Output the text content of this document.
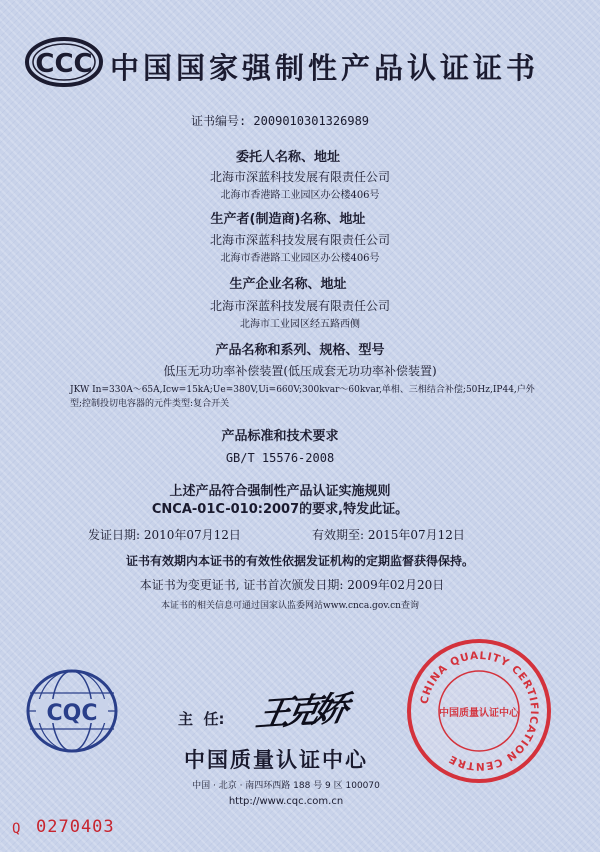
CCC 中国国家强制性产品认证证书
证书编号: 2009010301326989
委托人名称、地址
北海市深蓝科技发展有限责任公司
北海市香港路工业园区办公楼406号
生产者(制造商)名称、地址
北海市深蓝科技发展有限责任公司
北海市香港路工业园区办公楼406号
生产企业名称、地址
北海市深蓝科技发展有限责任公司
北海市工业园区经五路西侧
产品名称和系列、规格、型号
低压无功功率补偿装置(低压成套无功功率补偿装置)
JKW In=330A～65A,Icw=15kA;Ue=380V,Ui=660V;300kvar～60kvar,单相、三相结合补偿;50Hz,IP44,户外型;控制投切电容器的元件类型:复合开关
产品标准和技术要求
GB/T 15576-2008
上述产品符合强制性产品认证实施规则
CNCA-01C-010:2007的要求,特发此证。
发证日期: 2010年07月12日	有效期至: 2015年07月12日
证书有效期内本证书的有效性依据发证机构的定期监督获得保持。
本证书为变更证书, 证书首次颁发日期: 2009年02月20日
本证书的相关信息可通过国家认监委网站www.cnca.gov.cn查询
CQC	主  任: 王克娇	CHINA QUALITY CERTIFICATION CENTRE
中国质量认证中心
中国质量认证中心
中国 · 北京 · 南四环西路 188 号 9 区 100070
http://www.cqc.com.cn
Q 0270403
